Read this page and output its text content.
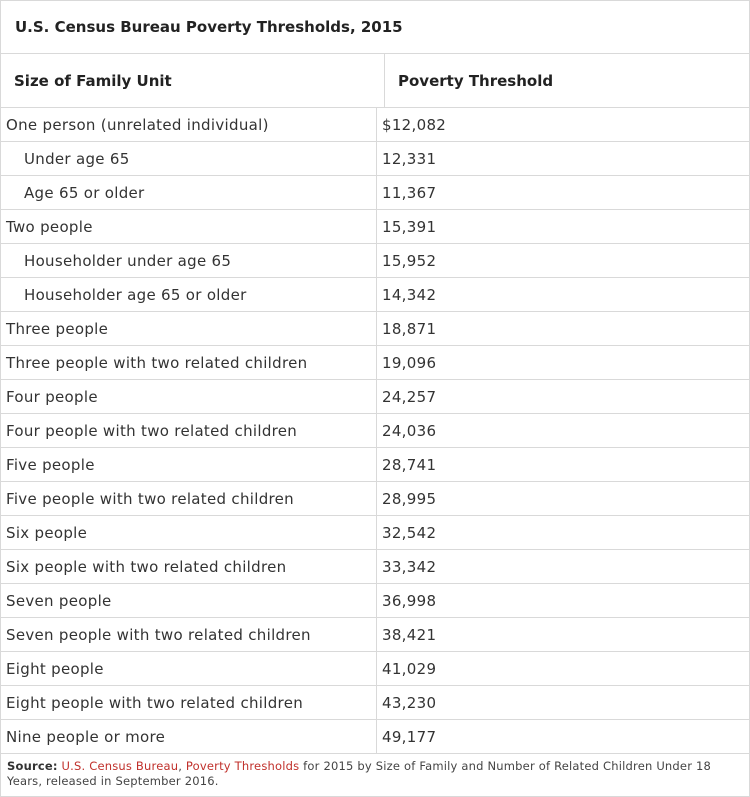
U.S. Census Bureau Poverty Thresholds, 2015
Size of Family Unit	Poverty Threshold
One person (unrelated individual)	$12,082
Under age 65	12,331
Age 65 or older	11,367
Two people	15,391
Householder under age 65	15,952
Householder age 65 or older	14,342
Three people	18,871
Three people with two related children	19,096
Four people	24,257
Four people with two related children	24,036
Five people	28,741
Five people with two related children	28,995
Six people	32,542
Six people with two related children	33,342
Seven people	36,998
Seven people with two related children	38,421
Eight people	41,029
Eight people with two related children	43,230
Nine people or more	49,177
Source: U.S. Census Bureau, Poverty Thresholds for 2015 by Size of Family and Number of Related Children Under 18 Years, released in September 2016.
